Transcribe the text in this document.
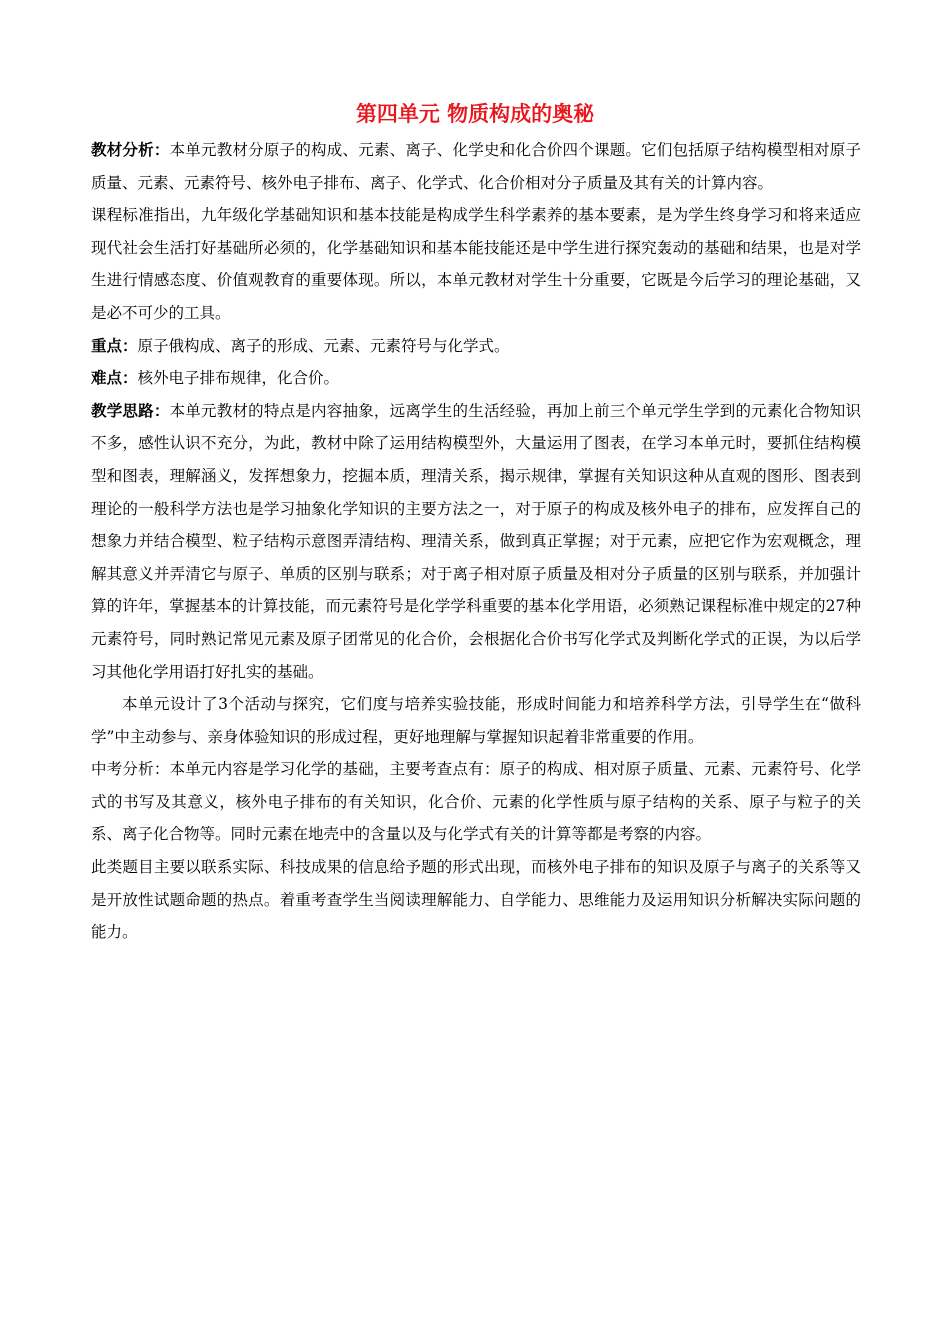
第四单元 物质构成的奥秘

教材分析：本单元教材分原子的构成、元素、离子、化学史和化合价四个课题。它们包括原子结构模型相对原子质量、元素、元素符号、核外电子排布、离子、化学式、化合价相对分子质量及其有关的计算内容。

课程标准指出，九年级化学基础知识和基本技能是构成学生科学素养的基本要素，是为学生终身学习和将来适应现代社会生活打好基础所必须的，化学基础知识和基本能技能还是中学生进行探究轰动的基础和结果，也是对学生进行情感态度、价值观教育的重要体现。所以，本单元教材对学生十分重要，它既是今后学习的理论基础，又是必不可少的工具。

重点：原子俄构成、离子的形成、元素、元素符号与化学式。

难点：核外电子排布规律，化合价。

教学思路：本单元教材的特点是内容抽象，远离学生的生活经验，再加上前三个单元学生学到的元素化合物知识不多，感性认识不充分，为此，教材中除了运用结构模型外，大量运用了图表，在学习本单元时，要抓住结构模型和图表，理解涵义，发挥想象力，挖掘本质，理清关系，揭示规律，掌握有关知识这种从直观的图形、图表到理论的一般科学方法也是学习抽象化学知识的主要方法之一，对于原子的构成及核外电子的排布，应发挥自己的想象力并结合模型、粒子结构示意图弄清结构、理清关系，做到真正掌握；对于元素，应把它作为宏观概念，理解其意义并弄清它与原子、单质的区别与联系；对于离子相对原子质量及相对分子质量的区别与联系，并加强计算的许年，掌握基本的计算技能，而元素符号是化学学科重要的基本化学用语，必须熟记课程标准中规定的27种元素符号，同时熟记常见元素及原子团常见的化合价，会根据化合价书写化学式及判断化学式的正误，为以后学习其他化学用语打好扎实的基础。

本单元设计了3个活动与探究，它们度与培养实验技能，形成时间能力和培养科学方法，引导学生在“做科学”中主动参与、亲身体验知识的形成过程，更好地理解与掌握知识起着非常重要的作用。

中考分析：本单元内容是学习化学的基础，主要考查点有：原子的构成、相对原子质量、元素、元素符号、化学式的书写及其意义，核外电子排布的有关知识，化合价、元素的化学性质与原子结构的关系、原子与粒子的关系、离子化合物等。同时元素在地壳中的含量以及与化学式有关的计算等都是考察的内容。

此类题目主要以联系实际、科技成果的信息给予题的形式出现，而核外电子排布的知识及原子与离子的关系等又是开放性试题命题的热点。着重考查学生当阅读理解能力、自学能力、思维能力及运用知识分析解决实际问题的能力。
